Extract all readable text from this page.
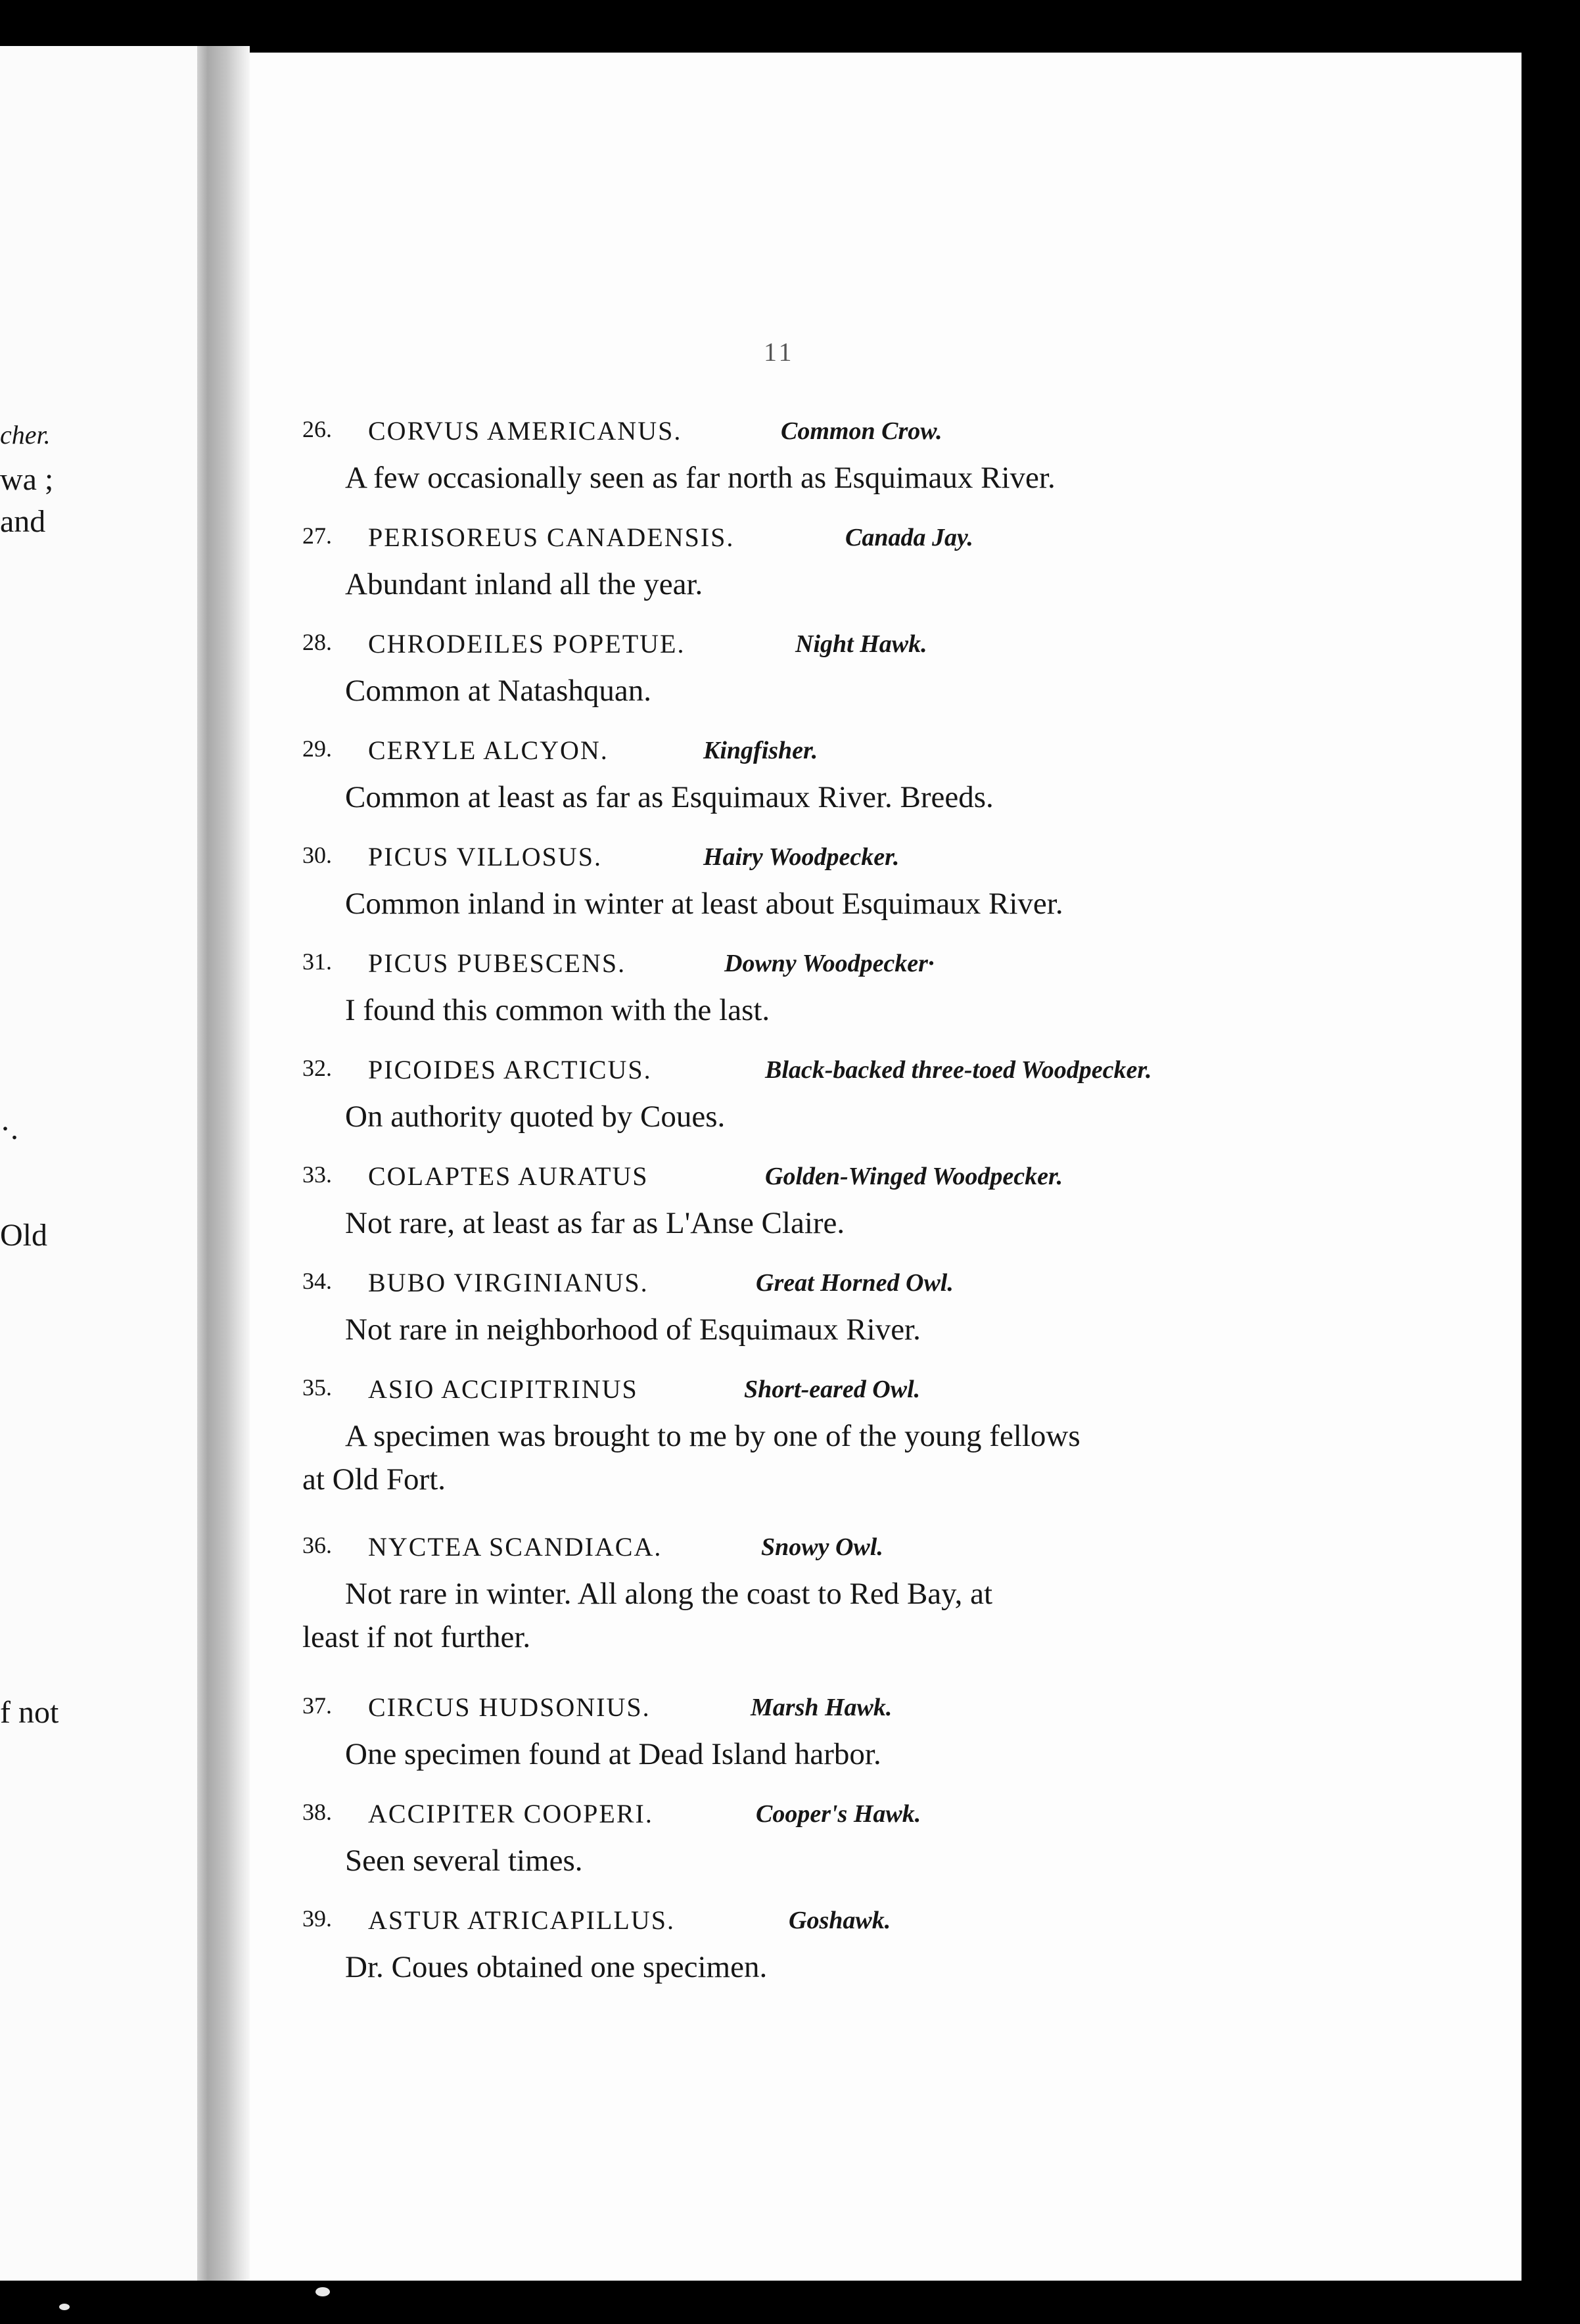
cher.
wa ;
and
·.
Old
f not
11
26. CORVUS AMERICANUS.	Common Crow.
A few occasionally seen as far north as Esquimaux River.
27. PERISOREUS CANADENSIS.	Canada Jay.
Abundant inland all the year.
28. CHRODEILES POPETUE.	Night Hawk.
Common at Natashquan.
29. CERYLE ALCYON.	Kingfisher.
Common at least as far as Esquimaux River. Breeds.
30. PICUS VILLOSUS.	Hairy Woodpecker.
Common inland in winter at least about Esquimaux River.
31. PICUS PUBESCENS.	Downy Woodpecker·
I found this common with the last.
32. PICOIDES ARCTICUS.	Black-backed three-toed Woodpecker.
On authority quoted by Coues.
33. COLAPTES AURATUS	Golden-Winged Woodpecker.
Not rare, at least as far as L'Anse Claire.
34. BUBO VIRGINIANUS.	Great Horned Owl.
Not rare in neighborhood of Esquimaux River.
35. ASIO ACCIPITRINUS	Short-eared Owl.
A specimen was brought to me by one of the young fellows
at Old Fort.
36. NYCTEA SCANDIACA.	Snowy Owl.
Not rare in winter. All along the coast to Red Bay, at
least if not further.
37. CIRCUS HUDSONIUS.	Marsh Hawk.
One specimen found at Dead Island harbor.
38. ACCIPITER COOPERI.	Cooper's Hawk.
Seen several times.
39. ASTUR ATRICAPILLUS.	Goshawk.
Dr. Coues obtained one specimen.
